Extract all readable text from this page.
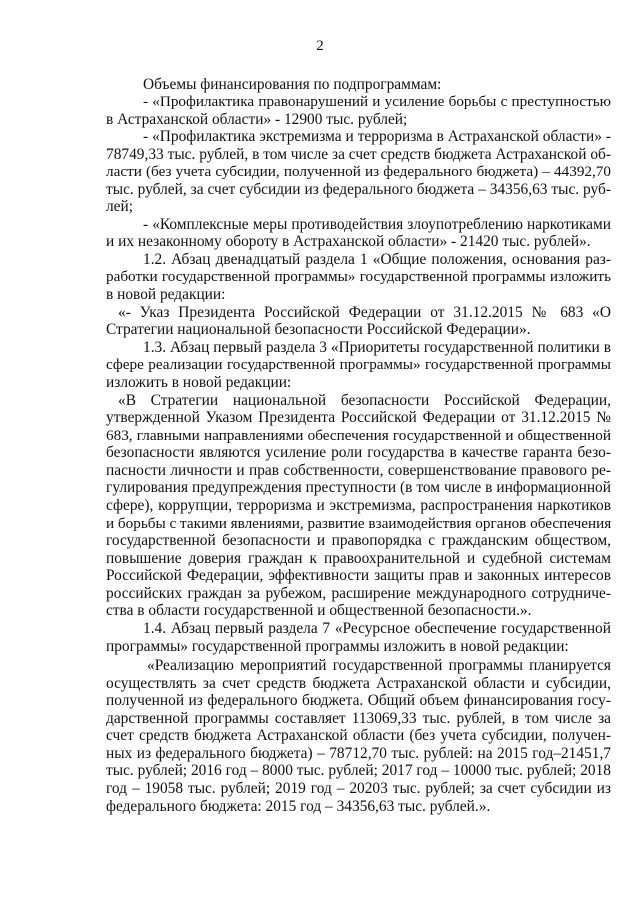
2
Объемы финансирования по подпрограммам:
- «Профилактика правонарушений и усиление борьбы с преступностью
в Астраханской области» - 12900 тыс. рублей;
- «Профилактика экстремизма и терроризма в Астраханской области» -
78749,33 тыс. рублей, в том числе за счет средств бюджета Астраханской об-
ласти (без учета субсидии, полученной из федерального бюджета) – 44392,70
тыс. рублей, за счет субсидии из федерального бюджета – 34356,63 тыс. руб-
лей;
- «Комплексные меры противодействия злоупотреблению наркотиками
и их незаконному обороту в Астраханской области» - 21420 тыс. рублей».
1.2. Абзац двенадцатый раздела 1 «Общие положения, основания раз-
работки государственной программы» государственной программы изложить
в новой редакции:
«- Указ Президента Российской Федерации от 31.12.2015 № 683 «О
Стратегии национальной безопасности Российской Федерации».
1.3. Абзац первый раздела 3 «Приоритеты государственной политики в
сфере реализации государственной программы» государственной программы
изложить в новой редакции:
«В Стратегии национальной безопасности Российской Федерации,
утвержденной Указом Президента Российской Федерации от 31.12.2015 №
683, главными направлениями обеспечения государственной и общественной
безопасности являются усиление роли государства в качестве гаранта безо-
пасности личности и прав собственности, совершенствование правового ре-
гулирования предупреждения преступности (в том числе в информационной
сфере), коррупции, терроризма и экстремизма, распространения наркотиков
и борьбы с такими явлениями, развитие взаимодействия органов обеспечения
государственной безопасности и правопорядка с гражданским обществом,
повышение доверия граждан к правоохранительной и судебной системам
Российской Федерации, эффективности защиты прав и законных интересов
российских граждан за рубежом, расширение международного сотрудниче-
ства в области государственной и общественной безопасности.».
1.4. Абзац первый раздела 7 «Ресурсное обеспечение государственной
программы» государственной программы изложить в новой редакции:
«Реализацию мероприятий государственной программы планируется
осуществлять за счет средств бюджета Астраханской области и субсидии,
полученной из федерального бюджета. Общий объем финансирования госу-
дарственной программы составляет 113069,33 тыс. рублей, в том числе за
счет средств бюджета Астраханской области (без учета субсидии, получен-
ных из федерального бюджета) – 78712,70 тыс. рублей: на 2015 год–21451,7
тыс. рублей; 2016 год – 8000 тыс. рублей; 2017 год – 10000 тыс. рублей; 2018
год – 19058 тыс. рублей; 2019 год – 20203 тыс. рублей; за счет субсидии из
федерального бюджета: 2015 год – 34356,63 тыс. рублей.».
